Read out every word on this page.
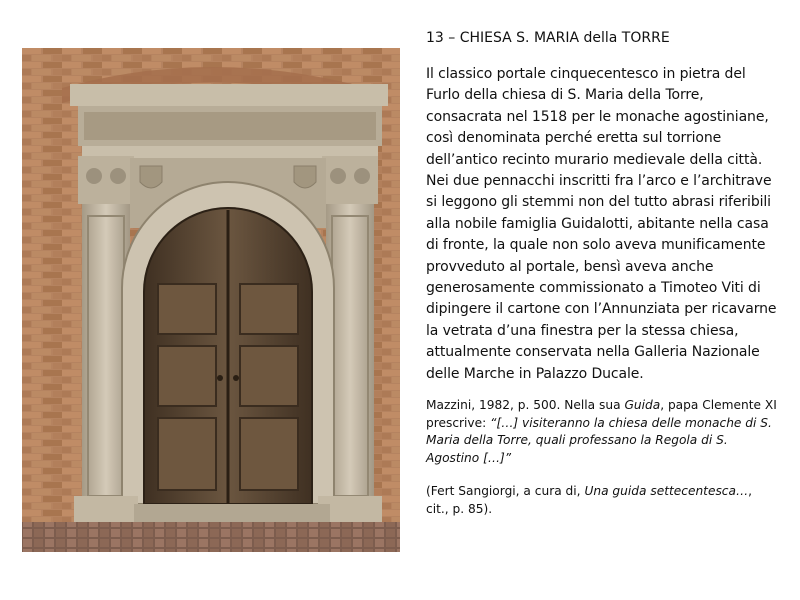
13 – CHIESA S. MARIA della TORRE

Il classico portale cinquecentesco in pietra del Furlo della chiesa di S. Maria della Torre, consacrata nel 1518 per le monache agostiniane, così denominata perché eretta sul torrione dell’antico recinto murario medievale della città. Nei due pennacchi inscritti fra l’arco e l’architrave si leggono gli stemmi non del tutto abrasi riferibili alla nobile famiglia Guidalotti, abitante nella casa di fronte, la quale non solo aveva munificamente provveduto al portale, bensì aveva anche generosamente commissionato a Timoteo Viti di dipingere il cartone con l’Annunziata per ricavarne la vetrata d’una finestra per la stessa chiesa, attualmente conservata nella Galleria Nazionale delle Marche in Palazzo Ducale.

Mazzini, 1982, p. 500. Nella sua Guida, papa Clemente XI prescrive: “[…] visiteranno la chiesa delle monache di S. Maria della Torre, quali professano la Regola di S. Agostino […]”

(Fert Sangiorgi, a cura di, Una guida settecentesca…, cit., p. 85).
